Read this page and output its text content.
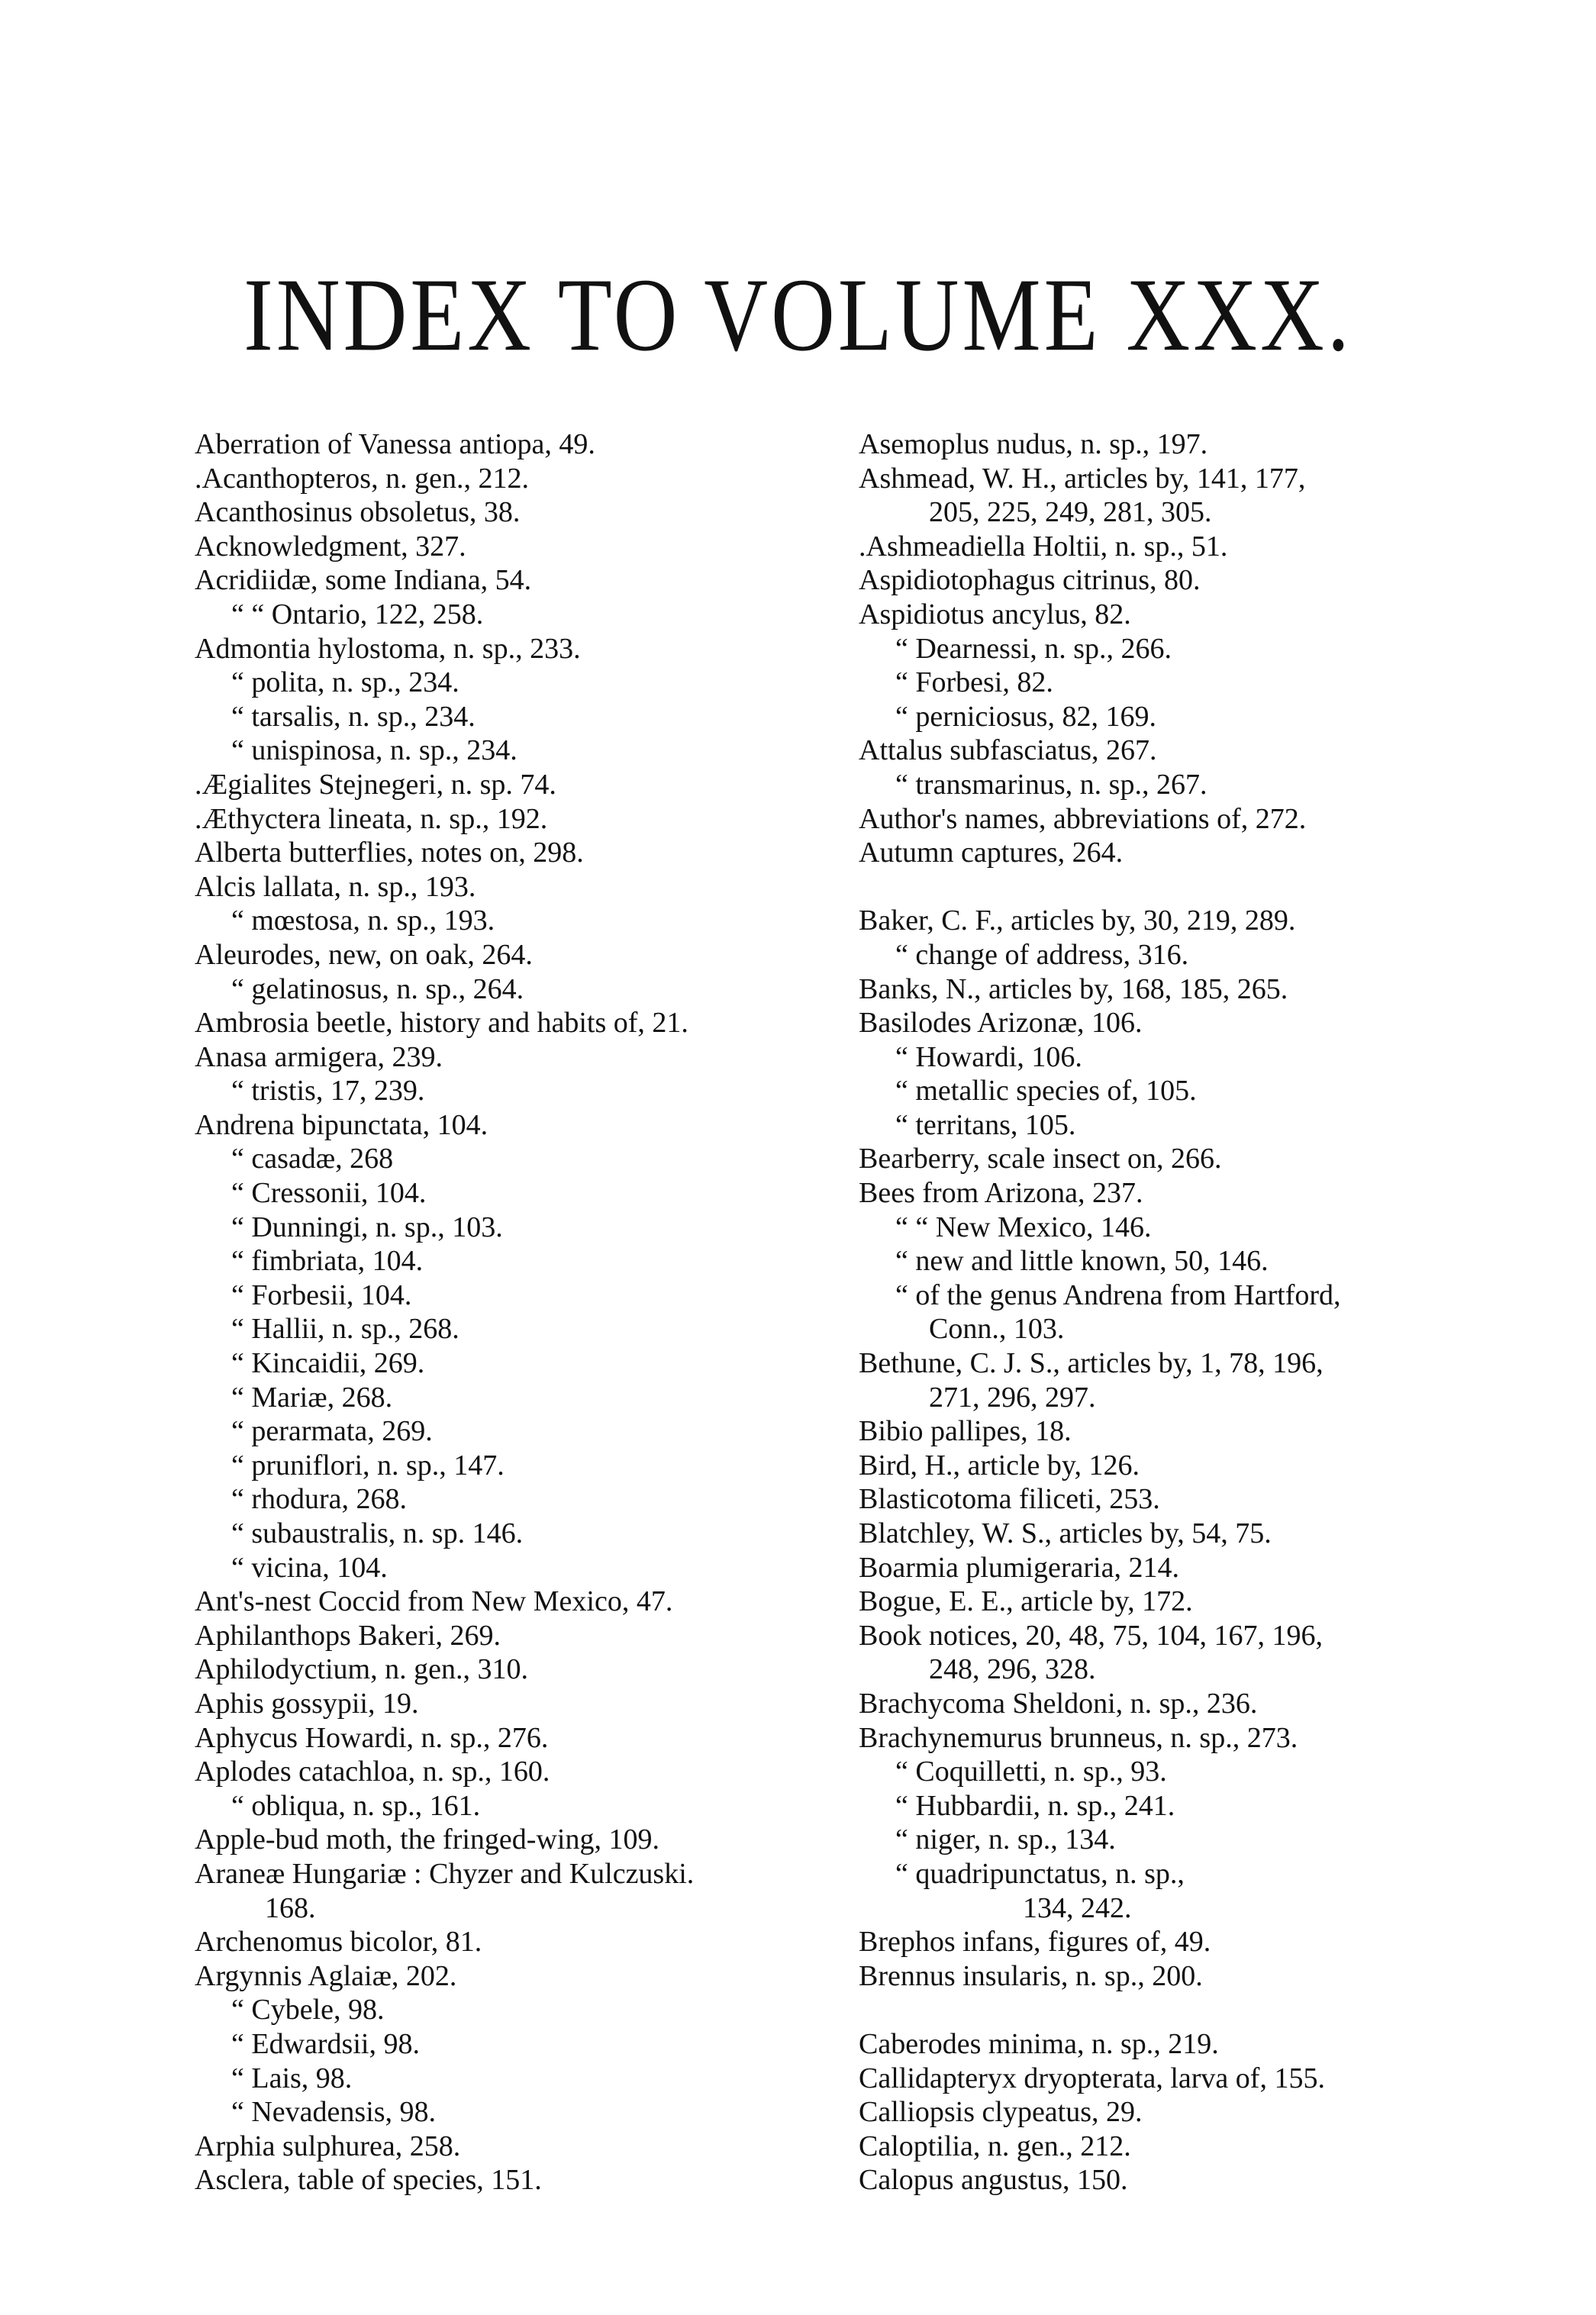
INDEX TO VOLUME XXX.
Aberration of Vanessa antiopa, 49.
.Acanthopteros, n. gen., 212.
Acanthosinus obsoletus, 38.
Acknowledgment, 327.
Acridiidæ, some Indiana, 54.
“ “ Ontario, 122, 258.
Admontia hylostoma, n. sp., 233.
“ polita, n. sp., 234.
“ tarsalis, n. sp., 234.
“ unispinosa, n. sp., 234.
.Ægialites Stejnegeri, n. sp. 74.
.Æthyctera lineata, n. sp., 192.
Alberta butterflies, notes on, 298.
Alcis lallata, n. sp., 193.
“ mœstosa, n. sp., 193.
Aleurodes, new, on oak, 264.
“ gelatinosus, n. sp., 264.
Ambrosia beetle, history and habits of, 21.
Anasa armigera, 239.
“ tristis, 17, 239.
Andrena bipunctata, 104.
“ casadæ, 268
“ Cressonii, 104.
“ Dunningi, n. sp., 103.
“ fimbriata, 104.
“ Forbesii, 104.
“ Hallii, n. sp., 268.
“ Kincaidii, 269.
“ Mariæ, 268.
“ perarmata, 269.
“ pruniflori, n. sp., 147.
“ rhodura, 268.
“ subaustralis, n. sp. 146.
“ vicina, 104.
Ant's-nest Coccid from New Mexico, 47.
Aphilanthops Bakeri, 269.
Aphilodyctium, n. gen., 310.
Aphis gossypii, 19.
Aphycus Howardi, n. sp., 276.
Aplodes catachloa, n. sp., 160.
“ obliqua, n. sp., 161.
Apple-bud moth, the fringed-wing, 109.
Araneæ Hungariæ : Chyzer and Kulczuski.
168.
Archenomus bicolor, 81.
Argynnis Aglaiæ, 202.
“ Cybele, 98.
“ Edwardsii, 98.
“ Lais, 98.
“ Nevadensis, 98.
Arphia sulphurea, 258.
Asclera, table of species, 151.
Asemoplus nudus, n. sp., 197.
Ashmead, W. H., articles by, 141, 177,
205, 225, 249, 281, 305.
.Ashmeadiella Holtii, n. sp., 51.
Aspidiotophagus citrinus, 80.
Aspidiotus ancylus, 82.
“ Dearnessi, n. sp., 266.
“ Forbesi, 82.
“ perniciosus, 82, 169.
Attalus subfasciatus, 267.
“ transmarinus, n. sp., 267.
Author's names, abbreviations of, 272.
Autumn captures, 264.
Baker, C. F., articles by, 30, 219, 289.
“ change of address, 316.
Banks, N., articles by, 168, 185, 265.
Basilodes Arizonæ, 106.
“ Howardi, 106.
“ metallic species of, 105.
“ territans, 105.
Bearberry, scale insect on, 266.
Bees from Arizona, 237.
“ “ New Mexico, 146.
“ new and little known, 50, 146.
“ of the genus Andrena from Hartford,
Conn., 103.
Bethune, C. J. S., articles by, 1, 78, 196,
271, 296, 297.
Bibio pallipes, 18.
Bird, H., article by, 126.
Blasticotoma filiceti, 253.
Blatchley, W. S., articles by, 54, 75.
Boarmia plumigeraria, 214.
Bogue, E. E., article by, 172.
Book notices, 20, 48, 75, 104, 167, 196,
248, 296, 328.
Brachycoma Sheldoni, n. sp., 236.
Brachynemurus brunneus, n. sp., 273.
“ Coquilletti, n. sp., 93.
“ Hubbardii, n. sp., 241.
“ niger, n. sp., 134.
“ quadripunctatus, n. sp.,
134, 242.
Brephos infans, figures of, 49.
Brennus insularis, n. sp., 200.
Caberodes minima, n. sp., 219.
Callidapteryx dryopterata, larva of, 155.
Calliopsis clypeatus, 29.
Caloptilia, n. gen., 212.
Calopus angustus, 150.
